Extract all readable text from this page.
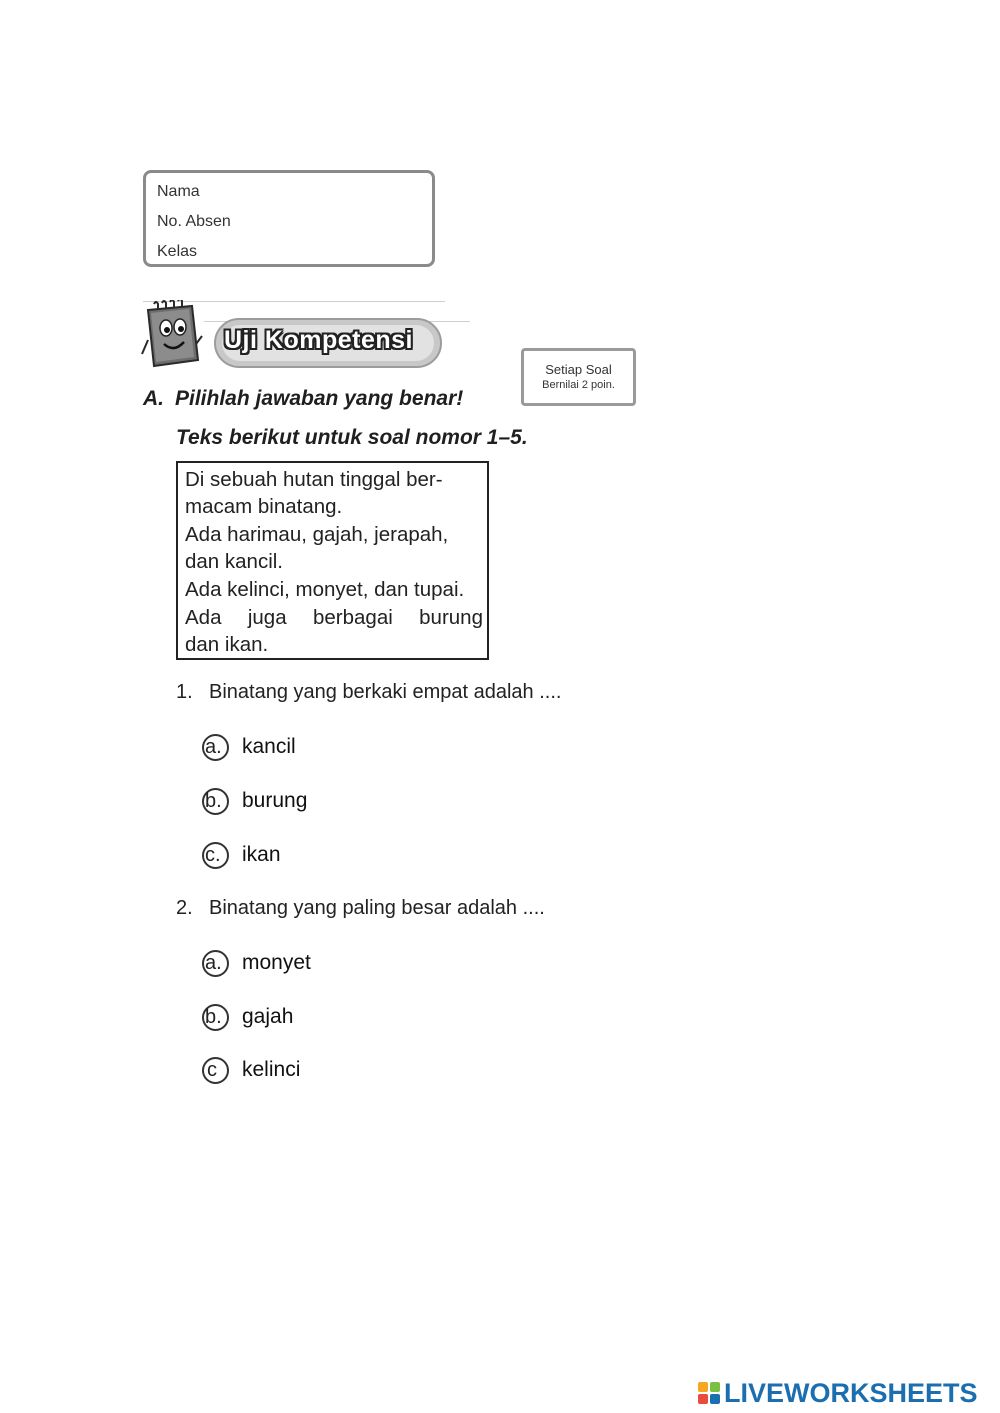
Nama
No. Absen
Kelas
Uji Kompetensi
Setiap Soal
Bernilai 2 poin.
A. Pilihlah jawaban yang benar!
Teks berikut untuk soal nomor 1–5.
Di sebuah hutan tinggal ber-
macam binatang.
Ada harimau, gajah, jerapah,
dan kancil.
Ada kelinci, monyet, dan tupai.
Ada juga berbagai burung
dan ikan.
1. Binatang yang berkaki empat adalah ....
a. kancil
b. burung
c. ikan
2. Binatang yang paling besar adalah ....
a. monyet
b. gajah
c kelinci
LIVEWORKSHEETS
